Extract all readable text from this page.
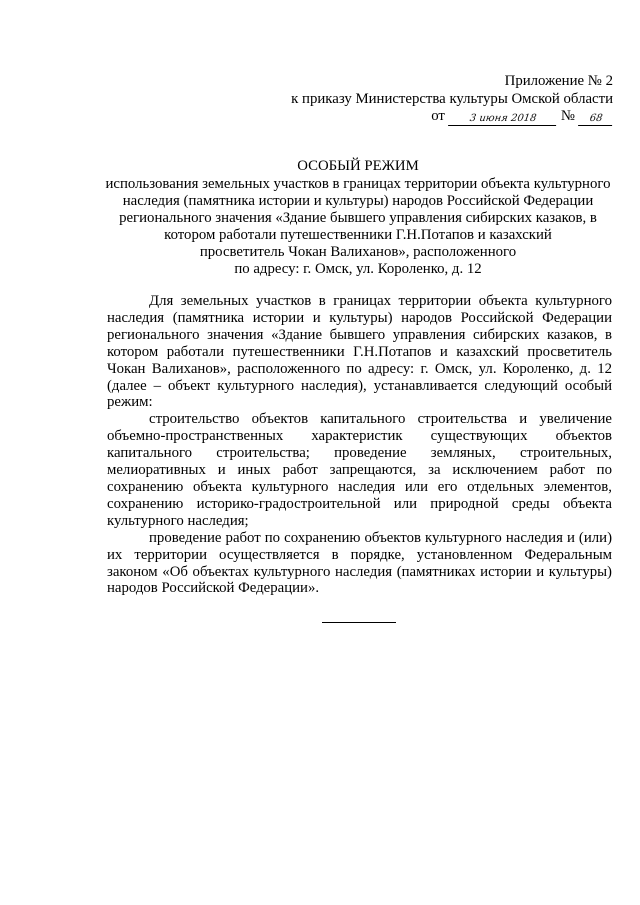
Приложение № 2
к приказу Министерства культуры Омской области
от	3 июня 2018	№	68
ОСОБЫЙ РЕЖИМ
использования земельных участков в границах территории объекта культурного
наследия (памятника истории и культуры) народов Российской Федерации
регионального значения «Здание бывшего управления сибирских казаков, в
котором работали путешественники Г.Н.Потапов и казахский
просветитель Чокан Валиханов», расположенного
по адресу: г. Омск, ул. Короленко, д. 12

Для земельных участков в границах территории объекта культурного наследия (памятника истории и культуры) народов Российской Федерации регионального значения «Здание бывшего управления сибирских казаков, в котором работали путешественники Г.Н.Потапов и казахский просветитель Чокан Валиханов», расположенного по адресу: г. Омск, ул. Короленко, д. 12 (далее – объект культурного наследия), устанавливается следующий особый режим:

строительство объектов капитального строительства и увеличение объемно-пространственных характеристик существующих объектов капитального строительства; проведение земляных, строительных, мелиоративных и иных работ запрещаются, за исключением работ по сохранению объекта культурного наследия или его отдельных элементов, сохранению историко-градостроительной или природной среды объекта культурного наследия;

проведение работ по сохранению объектов культурного наследия и (или) их территории осуществляется в порядке, установленном Федеральным законом «Об объектах культурного наследия (памятниках истории и культуры) народов Российской Федерации».
